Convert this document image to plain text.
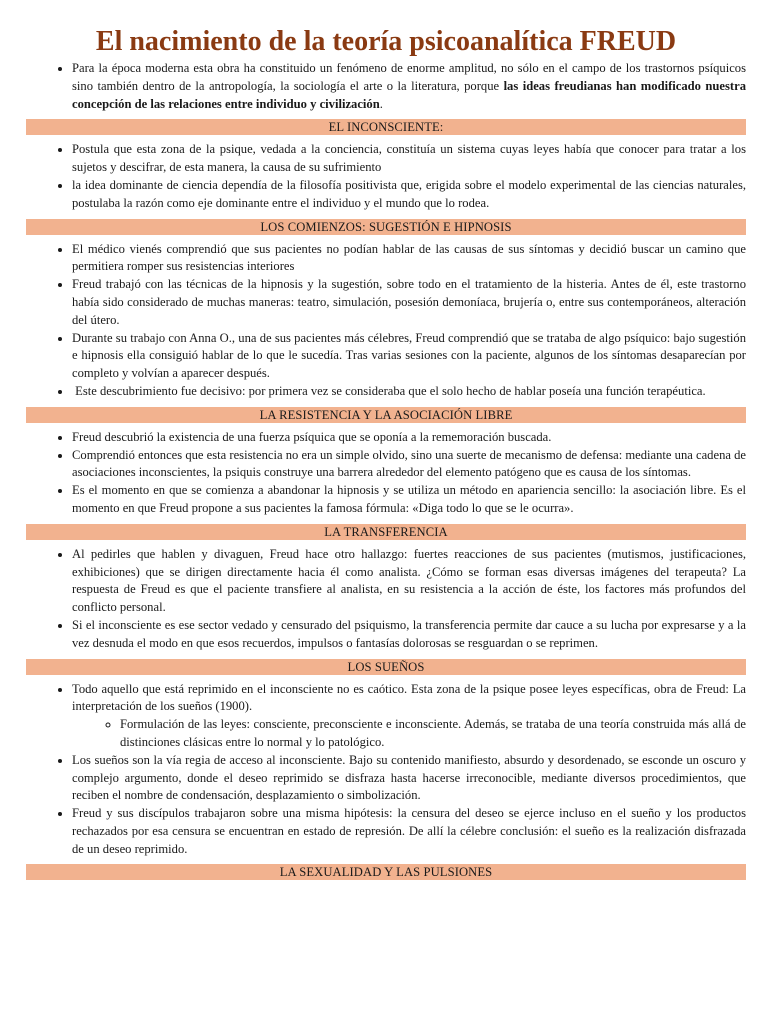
El nacimiento de la teoría psicoanalítica FREUD
• Para la época moderna esta obra ha constituido un fenómeno de enorme amplitud, no sólo en el campo de los trastornos psíquicos sino también dentro de la antropología, la sociología el arte o la literatura, porque las ideas freudianas han modificado nuestra concepción de las relaciones entre individuo y civilización.
EL INCONSCIENTE:
• Postula que esta zona de la psique, vedada a la conciencia, constituía un sistema cuyas leyes había que conocer para tratar a los sujetos y descifrar, de esta manera, la causa de su sufrimiento
• la idea dominante de ciencia dependía de la filosofía positivista que, erigida sobre el modelo experimental de las ciencias naturales, postulaba la razón como eje dominante entre el individuo y el mundo que lo rodea.
LOS COMIENZOS: SUGESTIÓN E HIPNOSIS
• El médico vienés comprendió que sus pacientes no podían hablar de las causas de sus síntomas y decidió buscar un camino que permitiera romper sus resistencias interiores
• Freud trabajó con las técnicas de la hipnosis y la sugestión, sobre todo en el tratamiento de la histeria. Antes de él, este trastorno había sido considerado de muchas maneras: teatro, simulación, posesión demoníaca, brujería o, entre sus contemporáneos, alteración del útero.
• Durante su trabajo con Anna O., una de sus pacientes más célebres, Freud comprendió que se trataba de algo psíquico: bajo sugestión e hipnosis ella consiguió hablar de lo que le sucedía. Tras varias sesiones con la paciente, algunos de los síntomas desaparecían por completo y volvían a aparecer después.
•  Este descubrimiento fue decisivo: por primera vez se consideraba que el solo hecho de hablar poseía una función terapéutica.
LA RESISTENCIA Y LA ASOCIACIÓN LIBRE
• Freud descubrió la existencia de una fuerza psíquica que se oponía a la rememoración buscada.
• Comprendió entonces que esta resistencia no era un simple olvido, sino una suerte de mecanismo de defensa: mediante una cadena de asociaciones inconscientes, la psiquis construye una barrera alrededor del elemento patógeno que es causa de los síntomas.
• Es el momento en que se comienza a abandonar la hipnosis y se utiliza un método en apariencia sencillo: la asociación libre. Es el momento en que Freud propone a sus pacientes la famosa fórmula: «Diga todo lo que se le ocurra».
LA TRANSFERENCIA
• Al pedirles que hablen y divaguen, Freud hace otro hallazgo: fuertes reacciones de sus pacientes (mutismos, justificaciones, exhibiciones) que se dirigen directamente hacia él como analista. ¿Cómo se forman esas diversas imágenes del terapeuta? La respuesta de Freud es que el paciente transfiere al analista, en su resistencia a la acción de éste, los factores más profundos del conflicto personal.
• Si el inconsciente es ese sector vedado y censurado del psiquismo, la transferencia permite dar cauce a su lucha por expresarse y a la vez desnuda el modo en que esos recuerdos, impulsos o fantasías dolorosas se resguardan o se reprimen.
LOS SUEÑOS
• Todo aquello que está reprimido en el inconsciente no es caótico. Esta zona de la psique posee leyes específicas, obra de Freud: La interpretación de los sueños (1900).
◦ Formulación de las leyes: consciente, preconsciente e inconsciente. Además, se trataba de una teoría construida más allá de distinciones clásicas entre lo normal y lo patológico.
• Los sueños son la vía regia de acceso al inconsciente. Bajo su contenido manifiesto, absurdo y desordenado, se esconde un oscuro y complejo argumento, donde el deseo reprimido se disfraza hasta hacerse irreconocible, mediante diversos procedimientos, que reciben el nombre de condensación, desplazamiento o simbolización.
• Freud y sus discípulos trabajaron sobre una misma hipótesis: la censura del deseo se ejerce incluso en el sueño y los productos rechazados por esa censura se encuentran en estado de represión. De allí la célebre conclusión: el sueño es la realización disfrazada de un deseo reprimido.
LA SEXUALIDAD Y LAS PULSIONES
